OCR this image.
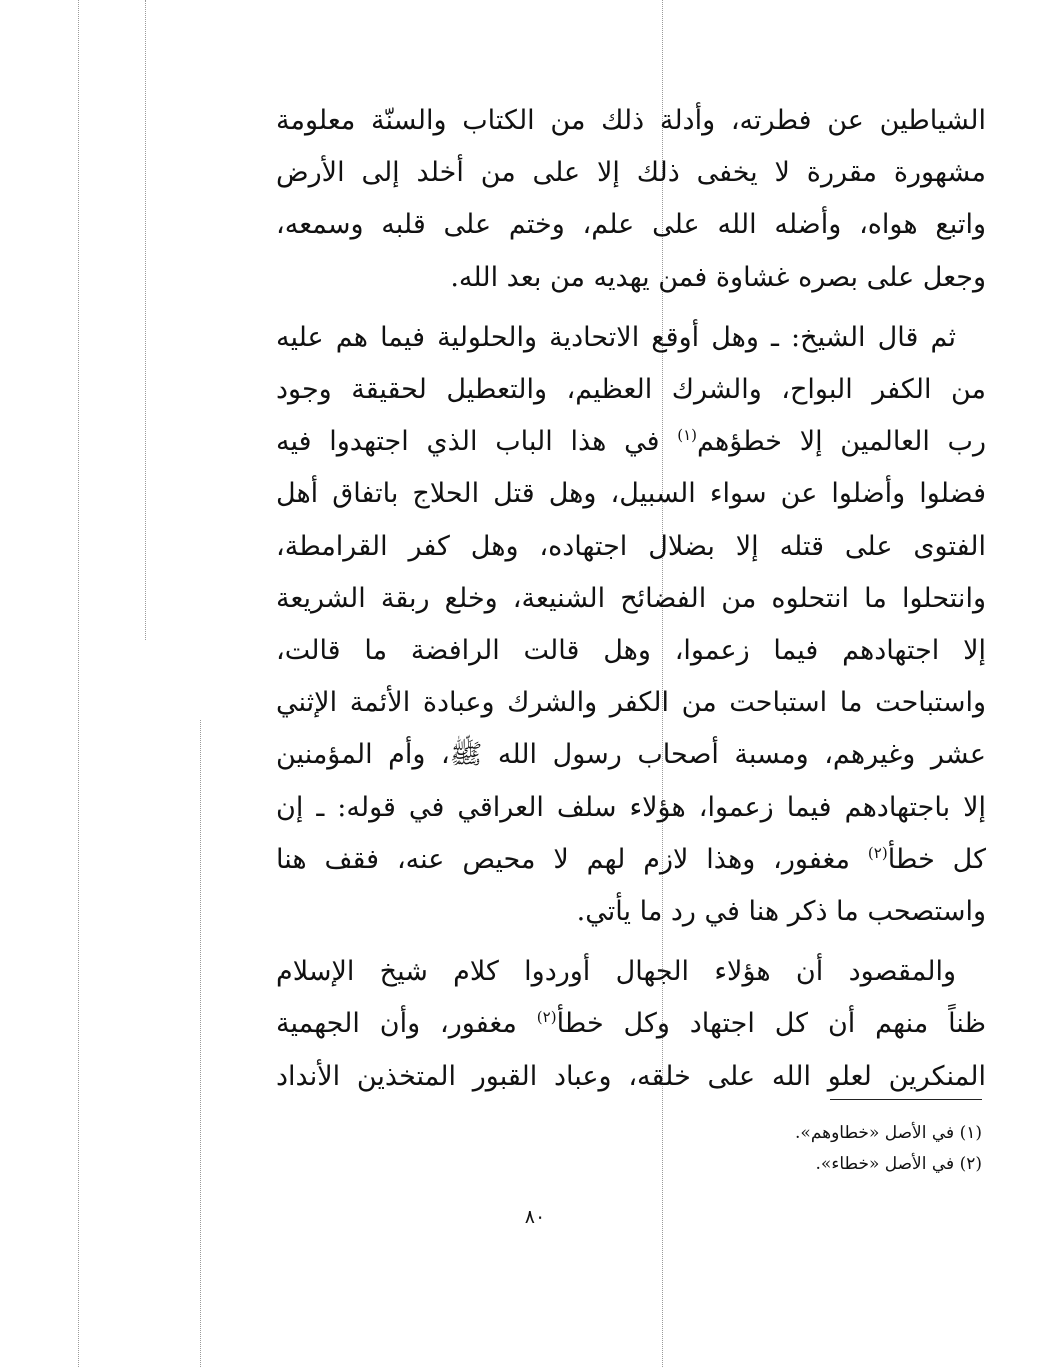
الشياطين عن فطرته، وأدلة ذلك من الكتاب والسنّة معلومة
مشهورة مقررة لا يخفى ذلك إلا على من أخلد إلى الأرض
واتبع هواه، وأضله الله على علم، وختم على قلبه وسمعه،
وجعل على بصره غشاوة فمن يهديه من بعد الله.

ثم قال الشيخ: ـ وهل أوقع الاتحادية والحلولية فيما هم عليه
من الكفر البواح، والشرك العظيم، والتعطيل لحقيقة وجود
رب العالمين إلا خطؤهم$^{(١)}$ في هذا الباب الذي اجتهدوا فيه
فضلوا وأضلوا عن سواء السبيل، وهل قتل الحلاج باتفاق أهل
الفتوى على قتله إلا بضلال اجتهاده، وهل كفر القرامطة،
وانتحلوا ما انتحلوه من الفضائح الشنيعة، وخلع ربقة الشريعة
إلا اجتهادهم فيما زعموا، وهل قالت الرافضة ما قالت،
واستباحت ما استباحت من الكفر والشرك وعبادة الأئمة الإثني
عشر وغيرهم، ومسبة أصحاب رسول الله ﷺ، وأم المؤمنين
إلا باجتهادهم فيما زعموا، هؤلاء سلف العراقي في قوله: ـ إن
كل خطأ$^{(٢)}$ مغفور، وهذا لازم لهم لا محيص عنه، فقف هنا
واستصحب ما ذكر هنا في رد ما يأتي.

والمقصود أن هؤلاء الجهال أوردوا كلام شيخ الإسلام
ظناً منهم أن كل اجتهاد وكل خطأ$^{(٢)}$ مغفور، وأن الجهمية
المنكرين لعلو الله على خلقه، وعباد القبور المتخذين الأنداد

(١) في الأصل «خطاوهم».
(٢) في الأصل «خطاء».
٨٠
